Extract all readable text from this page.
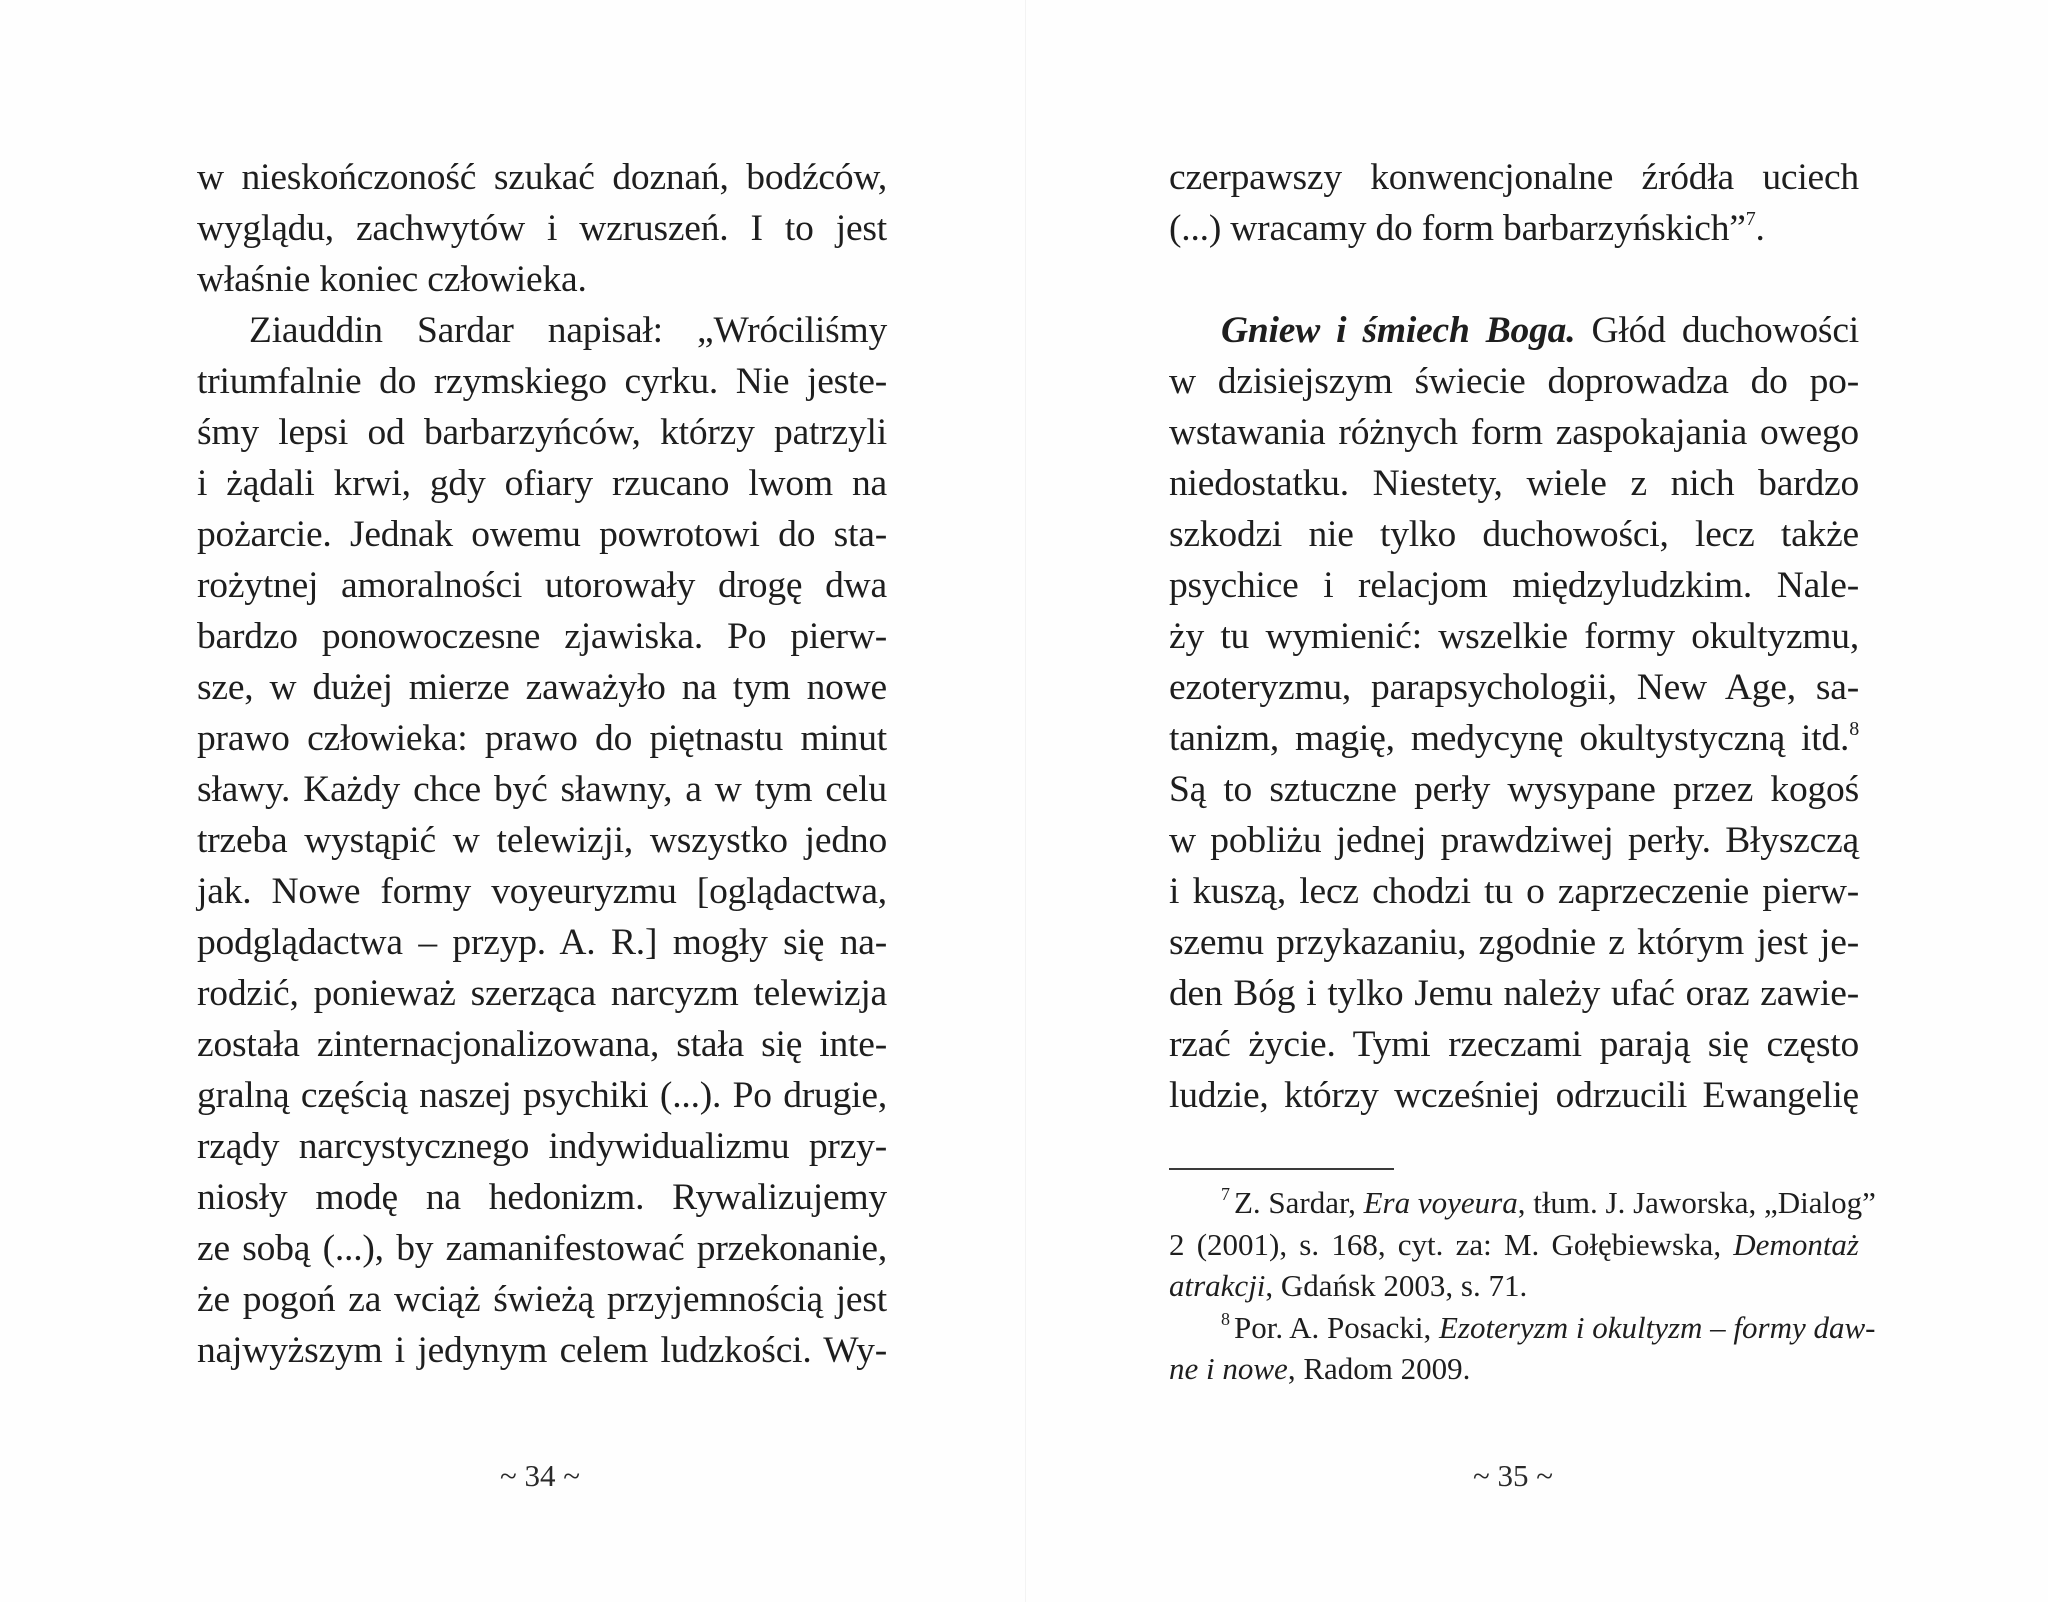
w nieskończoność szukać doznań, bodźców,
wyglądu, zachwytów i wzruszeń. I to jest
właśnie koniec człowieka.
Ziauddin Sardar napisał: „Wróciliśmy
triumfalnie do rzymskiego cyrku. Nie jeste-
śmy lepsi od barbarzyńców, którzy patrzyli
i żądali krwi, gdy ofiary rzucano lwom na
pożarcie. Jednak owemu powrotowi do sta-
rożytnej amoralności utorowały drogę dwa
bardzo ponowoczesne zjawiska. Po pierw-
sze, w dużej mierze zaważyło na tym nowe
prawo człowieka: prawo do piętnastu minut
sławy. Każdy chce być sławny, a w tym celu
trzeba wystąpić w telewizji, wszystko jedno
jak. Nowe formy voyeuryzmu [oglądactwa,
podglądactwa – przyp. A. R.] mogły się na-
rodzić, ponieważ szerząca narcyzm telewizja
została zinternacjonalizowana, stała się inte-
gralną częścią naszej psychiki (...). Po drugie,
rządy narcystycznego indywidualizmu przy-
niosły modę na hedonizm. Rywalizujemy
ze sobą (...), by zamanifestować przekonanie,
że pogoń za wciąż świeżą przyjemnością jest
najwyższym i jedynym celem ludzkości. Wy-
~ 34 ~
czerpawszy konwencjonalne źródła uciech
(...) wracamy do form barbarzyńskich”$^7$.
Gniew i śmiech Boga. Głód duchowości
w dzisiejszym świecie doprowadza do po-
wstawania różnych form zaspokajania owego
niedostatku. Niestety, wiele z nich bardzo
szkodzi nie tylko duchowości, lecz także
psychice i relacjom międzyludzkim. Nale-
ży tu wymienić: wszelkie formy okultyzmu,
ezoteryzmu, parapsychologii, New Age, sa-
tanizm, magię, medycynę okultystyczną itd.$^8$
Są to sztuczne perły wysypane przez kogoś
w pobliżu jednej prawdziwej perły. Błyszczą
i kuszą, lecz chodzi tu o zaprzeczenie pierw-
szemu przykazaniu, zgodnie z którym jest je-
den Bóg i tylko Jemu należy ufać oraz zawie-
rzać życie. Tymi rzeczami parają się często
ludzie, którzy wcześniej odrzucili Ewangelię
$^7$ Z. Sardar, Era voyeura, tłum. J. Jaworska, „Dialog”
2 (2001), s. 168, cyt. za: M. Gołębiewska, Demontaż
atrakcji, Gdańsk 2003, s. 71.
$^8$ Por. A. Posacki, Ezoteryzm i okultyzm – formy daw-
ne i nowe, Radom 2009.
~ 35 ~
